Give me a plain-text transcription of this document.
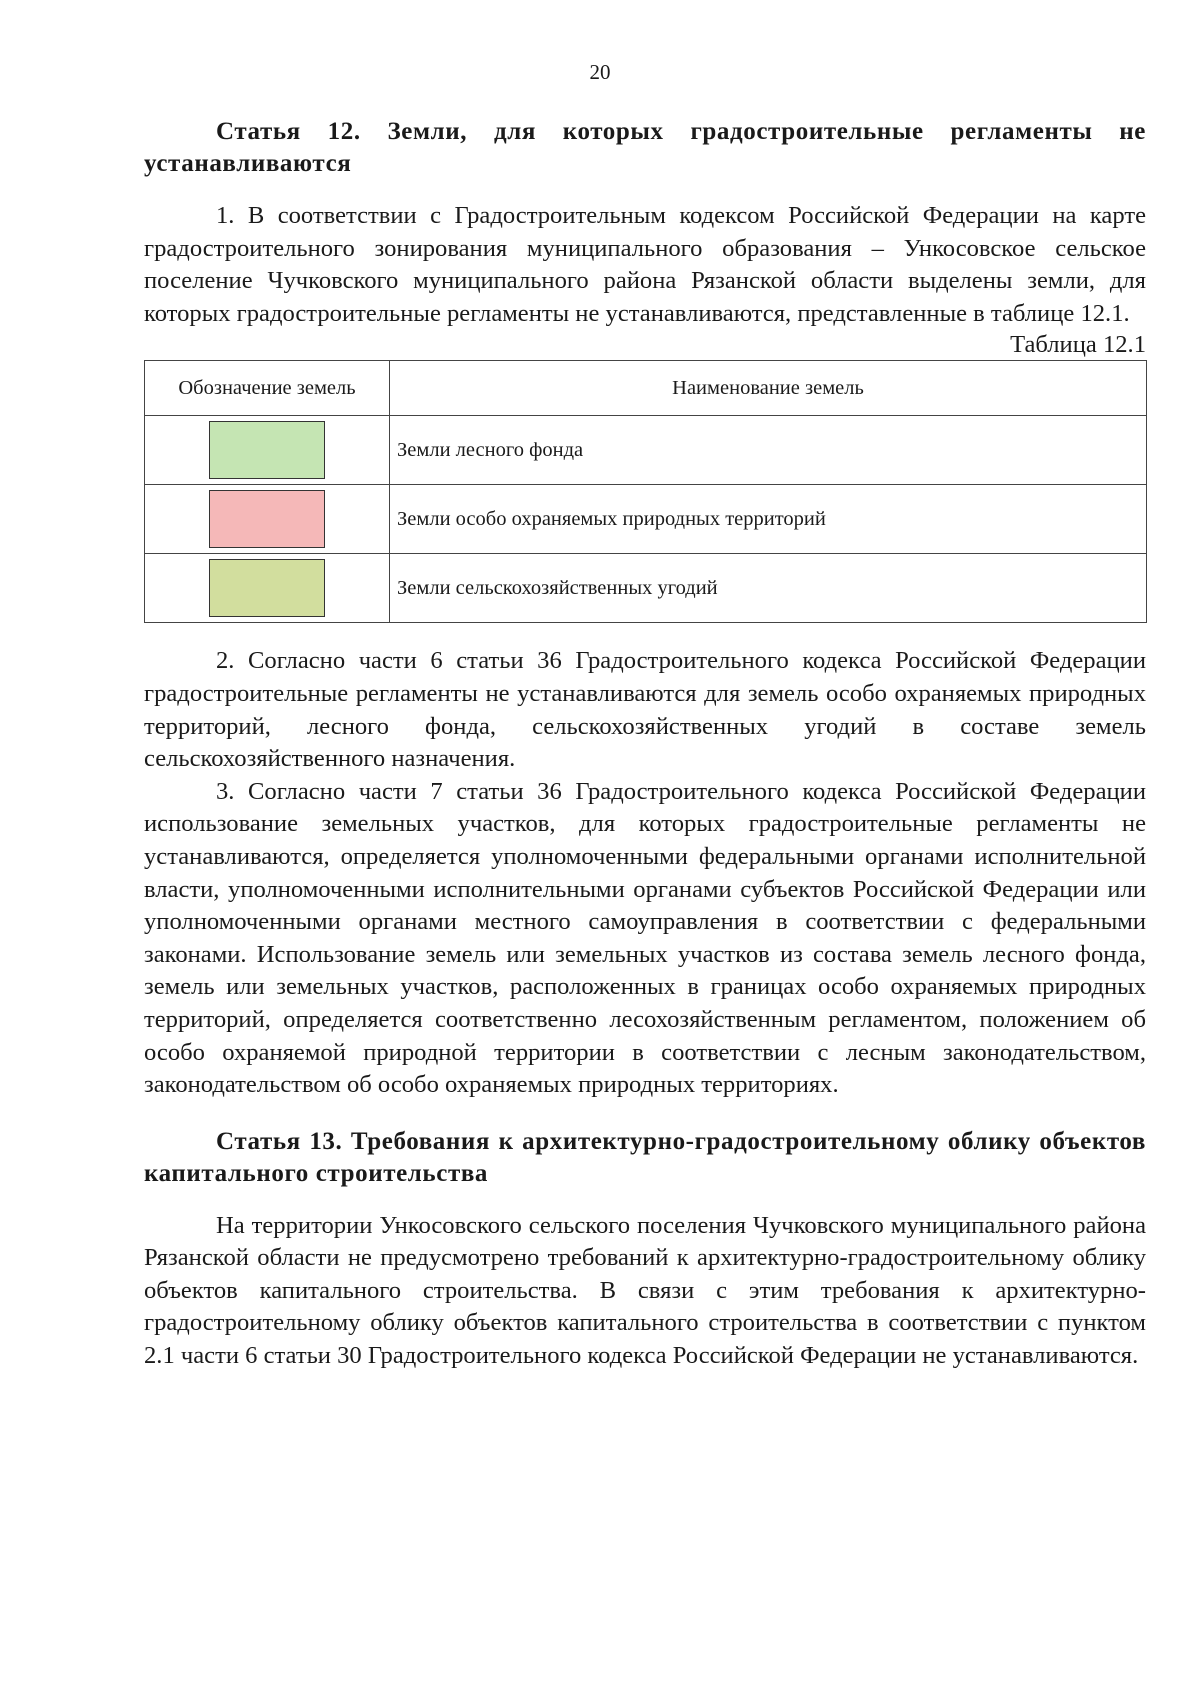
20

Статья 12. Земли, для которых градостроительные регламенты не устанавливаются

1. В соответствии с Градостроительным кодексом Российской Федерации на карте градостроительного зонирования муниципального образования – Ункосовское сельское поселение Чучковского муниципального района Рязанской области выделены земли, для которых градостроительные регламенты не устанавливаются, представленные в таблице 12.1.

Таблица 12.1

Обозначение земель	Наименование земель
	Земли лесного фонда
	Земли особо охраняемых природных территорий
	Земли сельскохозяйственных угодий

2. Согласно части 6 статьи 36 Градостроительного кодекса Российской Федерации градостроительные регламенты не устанавливаются для земель особо охраняемых природных территорий, лесного фонда, сельскохозяйственных угодий в составе земель сельскохозяйственного назначения.

3. Согласно части 7 статьи 36 Градостроительного кодекса Российской Федерации использование земельных участков, для которых градостроительные регламенты не устанавливаются, определяется уполномоченными федеральными органами исполнительной власти, уполномоченными исполнительными органами субъектов Российской Федерации или уполномоченными органами местного самоуправления в соответствии с федеральными законами. Использование земель или земельных участков из состава земель лесного фонда, земель или земельных участков, расположенных в границах особо охраняемых природных территорий, определяется соответственно лесохозяйственным регламентом, положением об особо охраняемой природной территории в соответствии с лесным законодательством, законодательством об особо охраняемых природных территориях.

Статья 13. Требования к архитектурно-градостроительному облику объектов капитального строительства

На территории Ункосовского сельского поселения Чучковского муниципального района Рязанской области не предусмотрено требований к архитектурно-градостроительному облику объектов капитального строительства. В связи с этим требования к архитектурно-градостроительному облику объектов капитального строительства в соответствии с пунктом 2.1 части 6 статьи 30 Градостроительного кодекса Российской Федерации не устанавливаются.
